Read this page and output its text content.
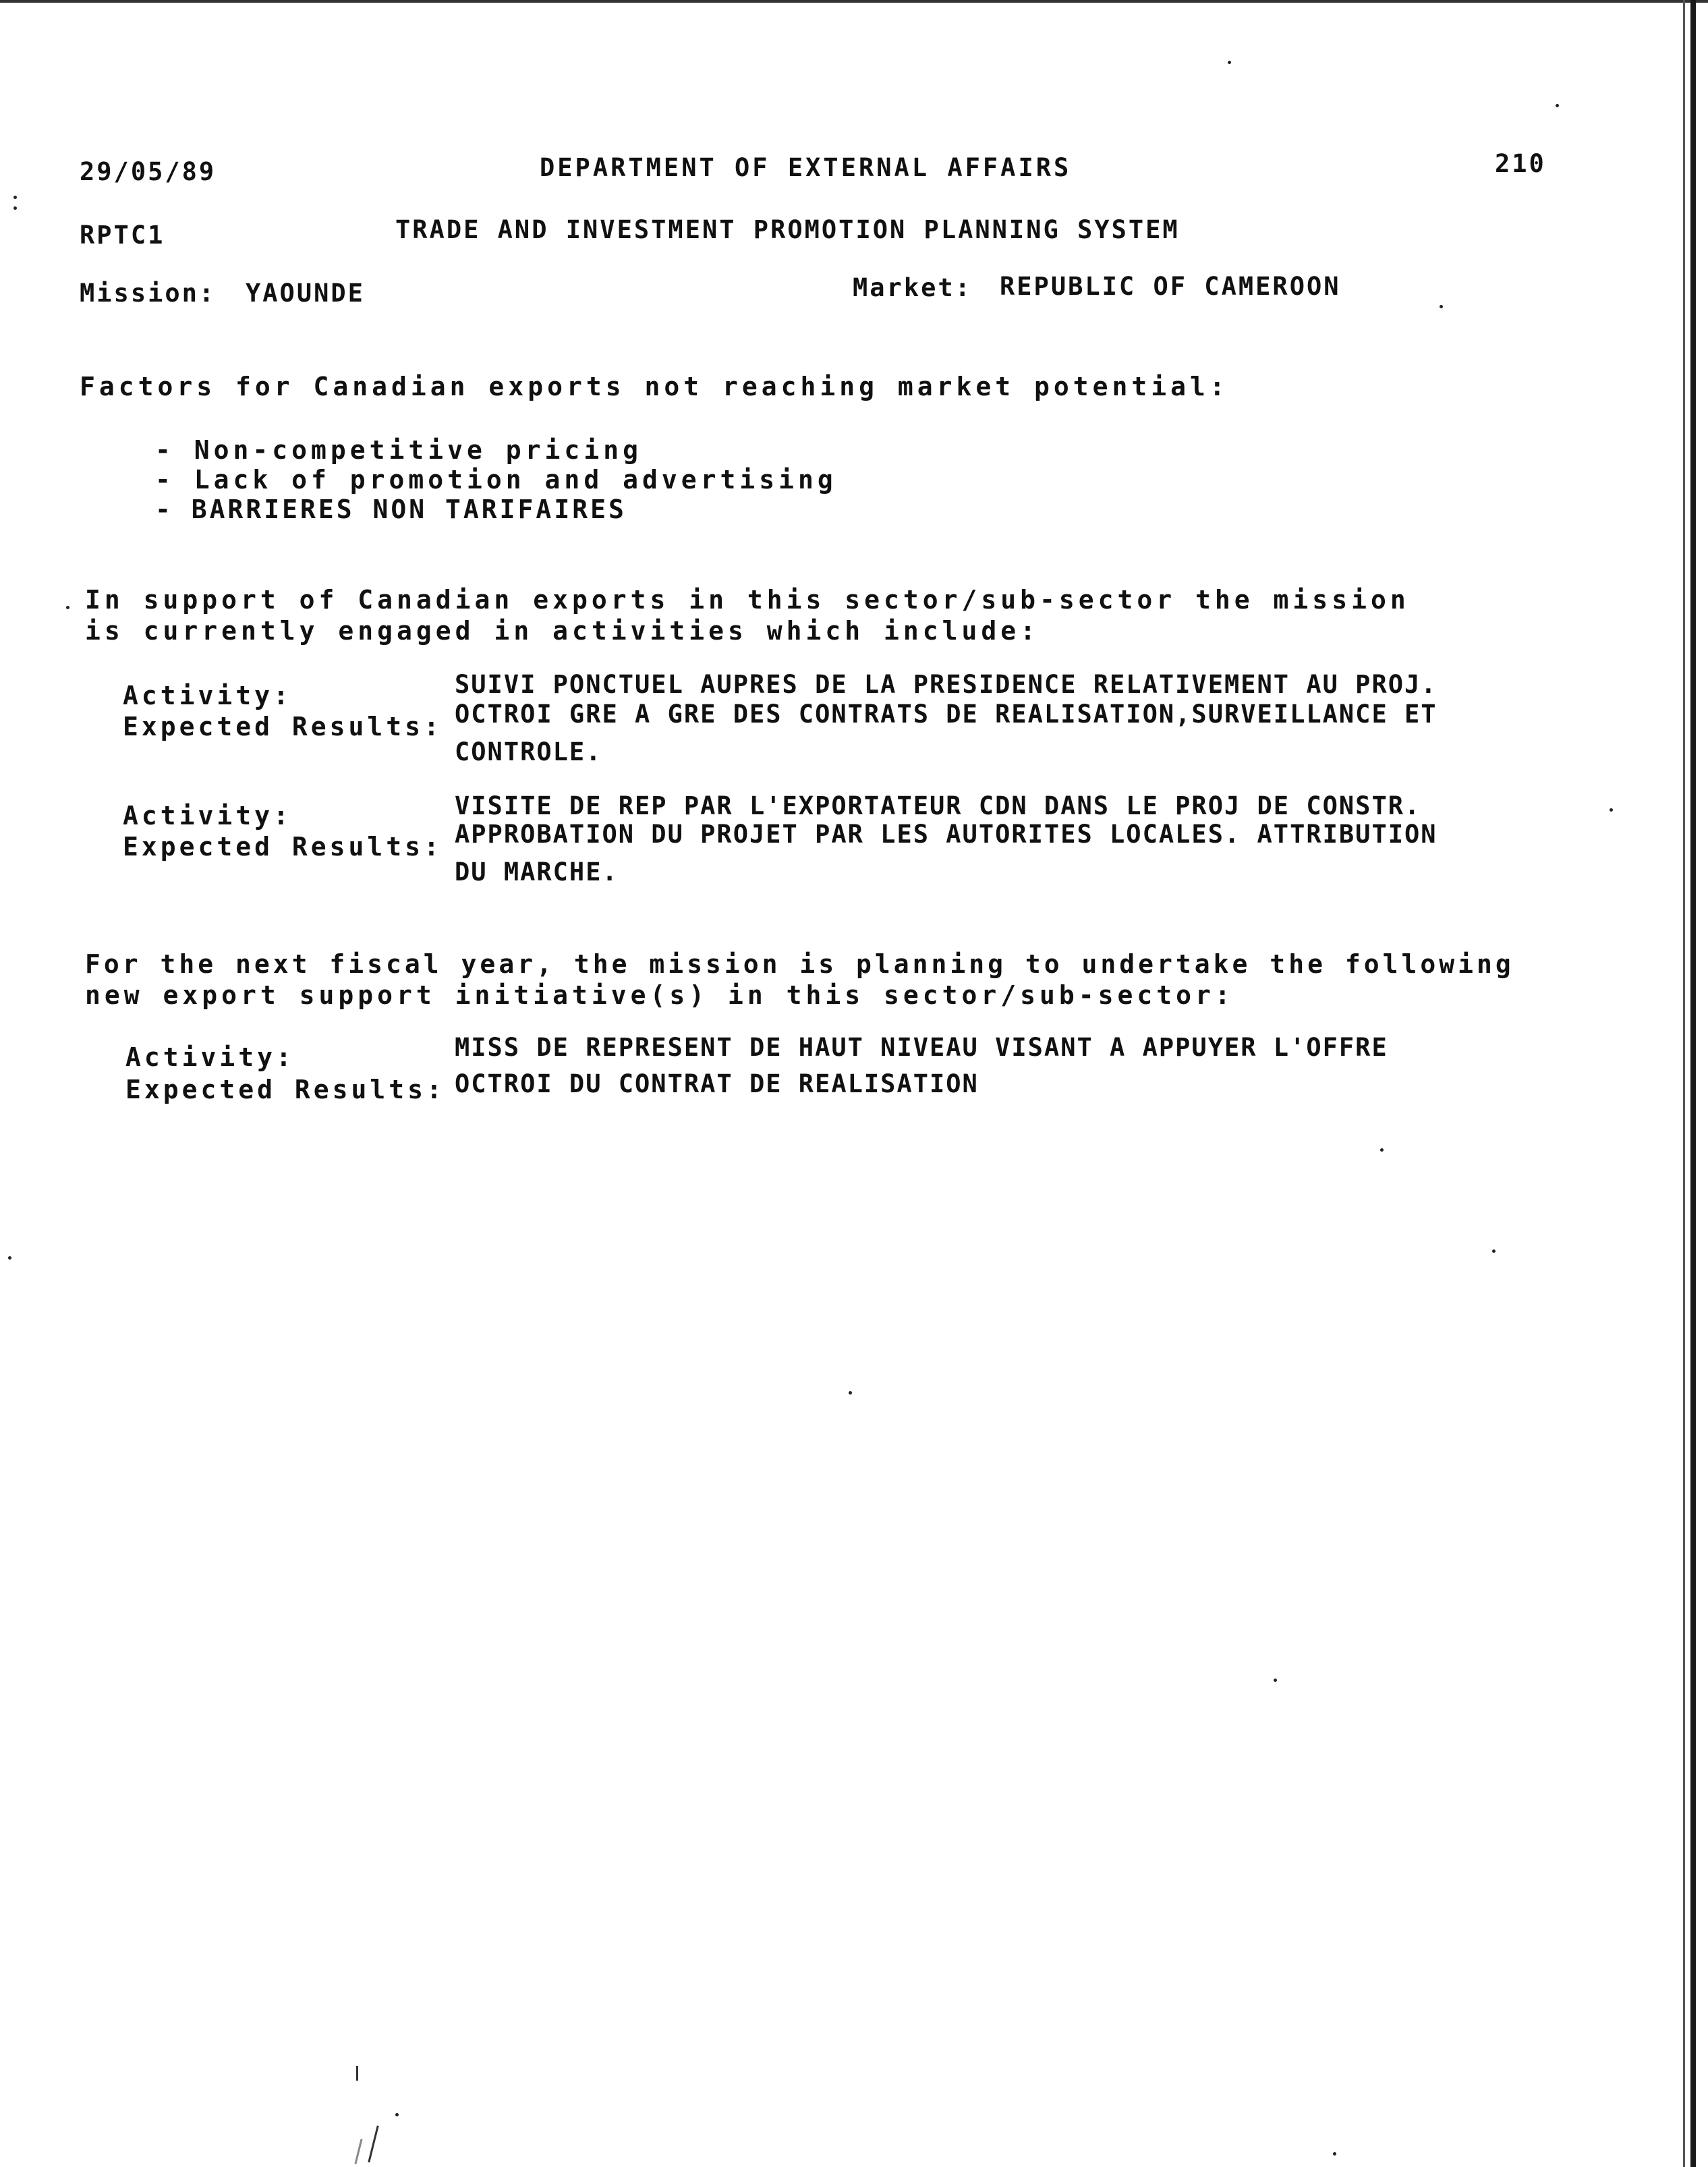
29/05/89	DEPARTMENT OF EXTERNAL AFFAIRS	210
RPTC1	TRADE AND INVESTMENT PROMOTION PLANNING SYSTEM
Mission: YAOUNDE	Market: REPUBLIC OF CAMEROON
Factors for Canadian exports not reaching market potential:
- Non-competitive pricing
- Lack of promotion and advertising
- BARRIERES NON TARIFAIRES
In support of Canadian exports in this sector/sub-sector the mission
is currently engaged in activities which include:
Activity:	SUIVI PONCTUEL AUPRES DE LA PRESIDENCE RELATIVEMENT AU PROJ.
Expected Results: OCTROI GRE A GRE DES CONTRATS DE REALISATION,SURVEILLANCE ET
CONTROLE.
Activity:	VISITE DE REP PAR L'EXPORTATEUR CDN DANS LE PROJ DE CONSTR.
Expected Results: APPROBATION DU PROJET PAR LES AUTORITES LOCALES. ATTRIBUTION
DU MARCHE.
For the next fiscal year, the mission is planning to undertake the following
new export support initiative(s) in this sector/sub-sector:
Activity:	MISS DE REPRESENT DE HAUT NIVEAU VISANT A APPUYER L'OFFRE
Expected Results: OCTROI DU CONTRAT DE REALISATION
